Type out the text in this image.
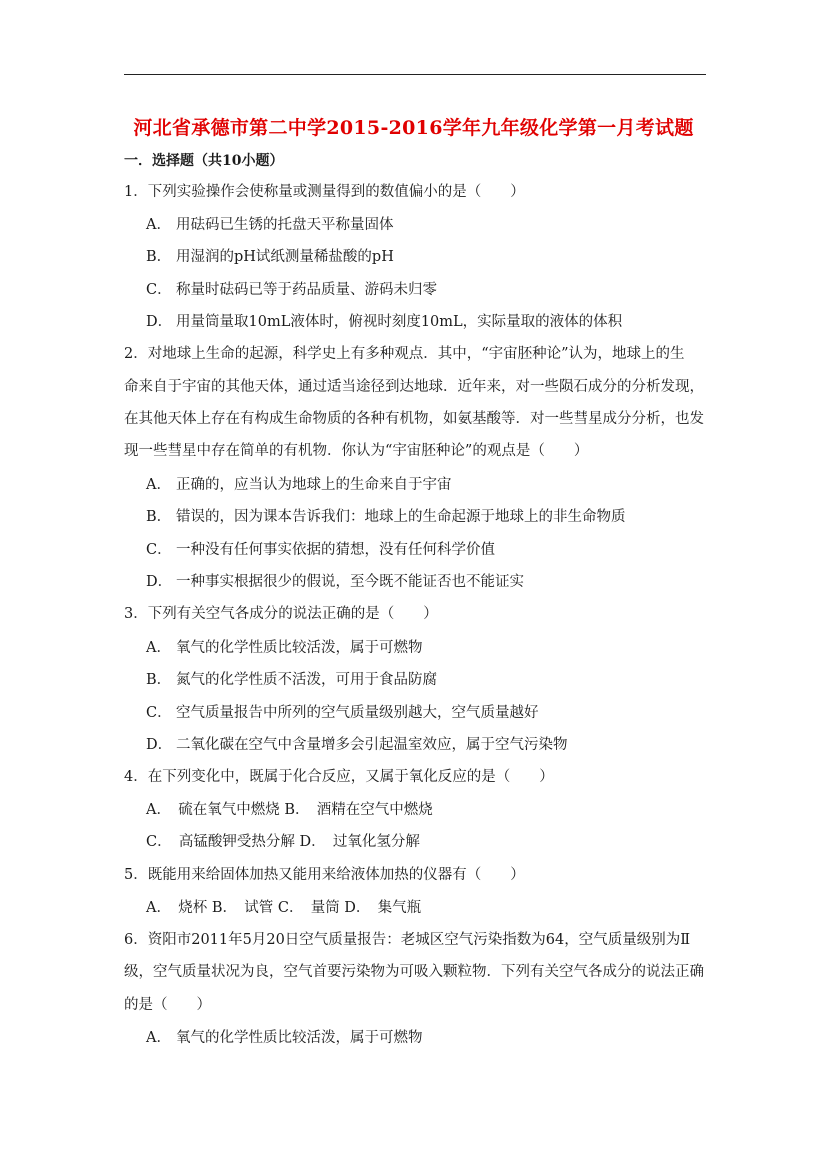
河北省承德市第二中学2015-2016学年九年级化学第一月考试题
一．选择题（共10小题）
1．下列实验操作会使称量或测量得到的数值偏小的是（　　）
A． 用砝码已生锈的托盘天平称量固体
B． 用湿润的pH试纸测量稀盐酸的pH
C． 称量时砝码已等于药品质量、游码未归零
D． 用量筒量取10mL液体时，俯视时刻度10mL，实际量取的液体的体积
2．对地球上生命的起源，科学史上有多种观点．其中，“宇宙胚种论”认为，地球上的生
命来自于宇宙的其他天体，通过适当途径到达地球．近年来，对一些陨石成分的分析发现，
在其他天体上存在有构成生命物质的各种有机物，如氨基酸等．对一些彗星成分分析，也发
现一些彗星中存在简单的有机物．你认为“宇宙胚种论”的观点是（　　）
A． 正确的，应当认为地球上的生命来自于宇宙
B． 错误的，因为课本告诉我们：地球上的生命起源于地球上的非生命物质
C． 一种没有任何事实依据的猜想，没有任何科学价值
D． 一种事实根据很少的假说，至今既不能证否也不能证实
3．下列有关空气各成分的说法正确的是（　　）
A． 氧气的化学性质比较活泼，属于可燃物
B． 氮气的化学性质不活泼，可用于食品防腐
C． 空气质量报告中所列的空气质量级别越大，空气质量越好
D． 二氧化碳在空气中含量增多会引起温室效应，属于空气污染物
4．在下列变化中，既属于化合反应，又属于氧化反应的是（　　）
A．　硫在氧气中燃烧 B．　酒精在空气中燃烧
C．　高锰酸钾受热分解 D．　过氧化氢分解
5．既能用来给固体加热又能用来给液体加热的仪器有（　　）
A．　烧杯 B．　试管 C．　量筒 D．　集气瓶
6．资阳市2011年5月20日空气质量报告：老城区空气污染指数为64，空气质量级别为Ⅱ
级，空气质量状况为良，空气首要污染物为可吸入颗粒物．下列有关空气各成分的说法正确
的是（　　）
A． 氧气的化学性质比较活泼，属于可燃物
